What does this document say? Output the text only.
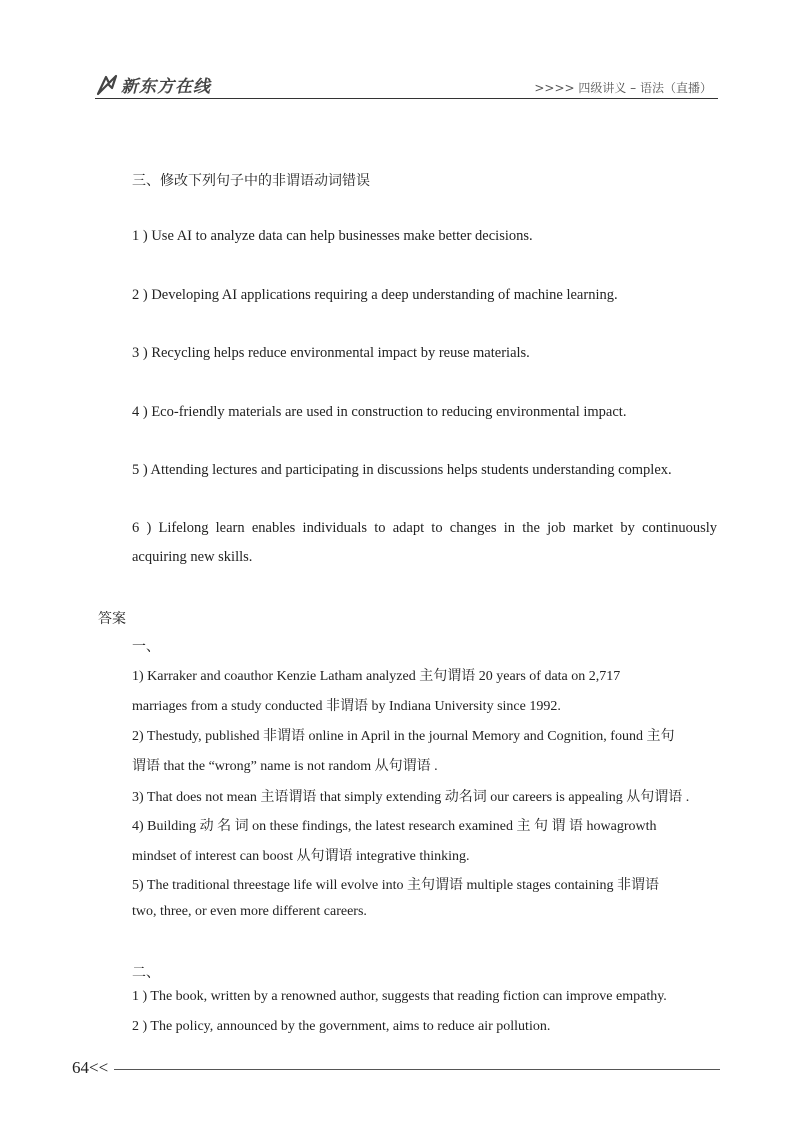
新东方在线	>>>> 四级讲义 – 语法（直播）
三、修改下列句子中的非谓语动词错误
1 ) Use AI to analyze data can help businesses make better decisions.
2 ) Developing AI applications requiring a deep understanding of machine learning.
3 ) Recycling helps reduce environmental impact by reuse materials.
4 ) Eco-friendly materials are used in construction to reducing environmental impact.
5 ) Attending lectures and participating in discussions helps students understanding complex.
6 ) Lifelong learn enables individuals to adapt to changes in the job market by continuously acquiring new skills.
答案
一、
1) Karraker and coauthor Kenzie Latham analyzed 主句谓语 20 years of data on 2,717
marriages from a study conducted 非谓语 by Indiana University since 1992.
2) Thestudy, published 非谓语 online in April in the journal Memory and Cognition, found 主句
谓语 that the “wrong” name is not random 从句谓语 .
3) That does not mean 主语谓语 that simply extending 动名词 our careers is appealing 从句谓语 .
4) Building 动 名 词 on these findings, the latest research examined 主 句 谓 语 howagrowth
mindset of interest can boost 从句谓语 integrative thinking.
5) The traditional threestage life will evolve into 主句谓语 multiple stages containing 非谓语
two, three, or even more different careers.
二、
1 ) The book, written by a renowned author, suggests that reading fiction can improve empathy.
2 ) The policy, announced by the government, aims to reduce air pollution.
64<<
